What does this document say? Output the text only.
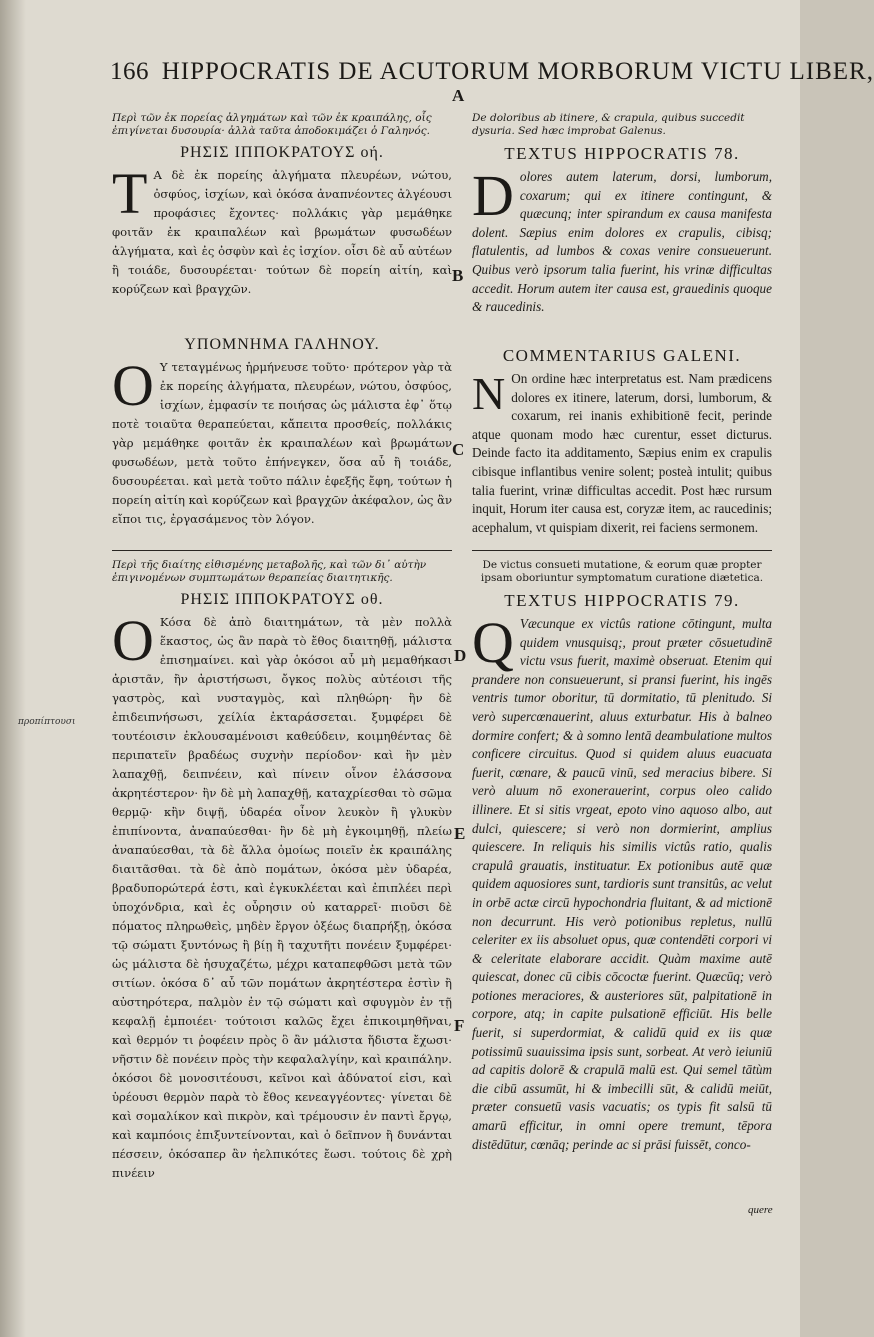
166 HIPPOCRATIS DE ACUTORUM MORBORUM VICTU LIBER,
A
B
C
D
E
F
προπίπτουσι

Περὶ τῶν ἐκ πορείας ἀλγημάτων καὶ τῶν ἐκ κραιπάλης, οἷς ἐπιγίνεται δυσουρία· ἀλλὰ ταῦτα ἀποδοκιμάζει ὁ Γαληνός.

ΡΗΣΙΣ ΙΠΠΟΚΡΑΤΟΥΣ οή.
Τ Α δὲ ἐκ πορείης ἀλγήματα πλευρέων, νώτου, ὀσφύος, ἰσχίων, καὶ ὁκόσα ἀναπνέοντες ἀλγέουσι προφάσιες ἔχοντες· πολλάκις γὰρ μεμάθηκε φοιτᾶν ἐκ κραιπαλέων καὶ βρωμάτων φυσωδέων ἀλγήματα, καὶ ἐς ὀσφὺν καὶ ἐς ἰσχίον. οἷσι δὲ αὖ αὐτέων ἢ τοιάδε, δυσουρέεται· τούτων δὲ πορείη αἰτίη, καὶ κορύζεων καὶ βραγχῶν.

ΥΠΟΜΝΗΜΑ ΓΑΛΗΝΟΥ.
Ο Υ τεταγμένως ἡρμήνευσε τοῦτο· πρότερον γὰρ τὰ ἐκ πορείης ἀλγήματα, πλευρέων, νώτου, ὀσφύος, ἰσχίων, ἐμφασίν τε ποιήσας ὡς μάλιστα ἐφ᾽ ὅτῳ ποτὲ τοιαῦτα θεραπεύεται, κἄπειτα προσθείς, πολλάκις γὰρ μεμάθηκε φοιτᾶν ἐκ κραιπαλέων καὶ βρωμάτων φυσωδέων, μετὰ τοῦτο ἐπήνεγκεν, ὅσα αὖ ἢ τοιάδε, δυσουρέεται. καὶ μετὰ τοῦτο πάλιν ἐφεξῆς ἔφη, τούτων ἡ πορείη αἰτίη καὶ κορύζεων καὶ βραγχῶν ἀκέφαλον, ὡς ἂν εἴποι τις, ἐργασάμενος τὸν λόγον.

Περὶ τῆς διαίτης εἰθισμένης μεταβολῆς, καὶ τῶν δι᾽ αὐτὴν ἐπιγινομένων συμπτωμάτων θεραπείας διαιτητικῆς.

ΡΗΣΙΣ ΙΠΠΟΚΡΑΤΟΥΣ οθ.
Ο Κόσα δὲ ἀπὸ διαιτημάτων, τὰ μὲν πολλὰ ἕκαστος, ὡς ἂν παρὰ τὸ ἔθος διαιτηθῇ, μάλιστα ἐπισημαίνει. καὶ γὰρ ὁκόσοι αὖ μὴ μεμαθήκασι ἀριστᾶν, ἢν ἀριστήσωσι, ὄγκος πολὺς αὐτέοισι τῆς γαστρὸς, καὶ νυσταγμὸς, καὶ πληθώρη· ἢν δὲ ἐπιδειπνήσωσι, χείλία ἐκταράσσεται. ξυμφέρει δὲ τουτέοισιν ἐκλουσαμένοισι καθεύδειν, κοιμηθέντας δὲ περιπατεῖν βραδέως συχνὴν περίοδον· καὶ ἢν μὲν λαπαχθῇ, δειπνέειν, καὶ πίνειν οἶνον ἐλάσσονα ἀκρητέστερον· ἢν δὲ μὴ λαπαχθῇ, καταχρίεσθαι τὸ σῶμα θερμῷ· κἢν διψῇ, ὑδαρέα οἶνον λευκὸν ἢ γλυκὺν ἐπιπίνοντα, ἀναπαύεσθαι· ἢν δὲ μὴ ἐγκοιμηθῇ, πλείω ἀναπαύεσθαι, τὰ δὲ ἄλλα ὁμοίως ποιεῖν ἐκ κραιπάλης διαιτᾶσθαι. τὰ δὲ ἀπὸ πομάτων, ὁκόσα μὲν ὑδαρέα, βραδυπορώτερά ἐστι, καὶ ἐγκυκλέεται καὶ ἐπιπλέει περὶ ὑποχόνδρια, καὶ ἐς οὖρησιν οὐ καταρρεῖ· πιοῦσι δὲ πόματος πληρωθεὶς, μηδὲν ἔργον ὀξέως διαπρήξῃ, ὁκόσα τῷ σώματι ξυντόνως ἢ βίῃ ἢ ταχυτῆτι πονέειν ξυμφέρει· ὡς μάλιστα δὲ ἡσυχαζέτω, μέχρι καταπεφθῶσι μετὰ τῶν σιτίων. ὁκόσα δ᾽ αὖ τῶν πομάτων ἀκρητέστερα ἐστὶν ἢ αὐστηρότερα, παλμὸν ἐν τῷ σώματι καὶ σφυγμὸν ἐν τῇ κεφαλῇ ἐμποιέει· τούτοισι καλῶς ἔχει ἐπικοιμηθῆναι, καὶ θερμόν τι ῥοφέειν πρὸς ὃ ἂν μάλιστα ἥδιστα ἔχωσι· νῆστιν δὲ πονέειν πρὸς τὴν κεφαλαλγίην, καὶ κραιπάλην. ὁκόσοι δὲ μονοσιτέουσι, κεῖνοι καὶ ἀδύνατοί εἰσι, καὶ ὑρέουσι θερμὸν παρὰ τὸ ἔθος κενεαγγέοντες· γίνεται δὲ καὶ σομαλίκον καὶ πικρὸν, καὶ τρέμουσιν ἐν παντὶ ἔργῳ, καὶ καμπόοις ἐπιξυντείνονται, καὶ ὁ δεῖπνον ἢ δυνάνται πέσσειν, ὁκόσαπερ ἂν ἠελπικότες ἔωσι. τούτοις δὲ χρὴ πινέειν

De doloribus ab itinere, & crapula, quibus succedit dysuria. Sed hæc improbat Galenus.

TEXTUS HIPPOCRATIS 78.
D olores autem laterum, dorsi, lumborum, coxarum; qui ex itinere contingunt, & quæcunq; inter spirandum ex causa manifesta dolent. Sæpius enim dolores ex crapulis, cibisq; flatulentis, ad lumbos & coxas venire consueuerunt. Quibus verò ipsorum talia fuerint, his vrinæ difficultas accedit. Horum autem iter causa est, grauedinis quoque & raucedinis.

COMMENTARIUS GALENI.
N On ordine hæc interpretatus est. Nam prædicens dolores ex itinere, laterum, dorsi, lumborum, & coxarum, rei inanis exhibitionē fecit, perinde atque quonam modo hæc curentur, esset dicturus. Deinde facto ita additamento, Sæpius enim ex crapulis cibisque inflantibus venire solent; posteà intulit; quibus talia fuerint, vrinæ difficultas accedit. Post hæc rursum inquit, Horum iter causa est, coryzæ item, ac raucedinis; acephalum, vt quispiam dixerit, rei faciens sermonem.

De victus consueti mutatione, & eorum quæ propter ipsam oboriuntur symptomatum curatione diætetica.

TEXTUS HIPPOCRATIS 79.
Q Væcunque ex victûs ratione cōtingunt, multa quidem vnusquisq;, prout præter cōsuetudinē victu vsus fuerit, maximè obseruat. Etenim qui prandere non consueuerunt, si pransi fuerint, his ingēs ventris tumor oboritur, tū dormitatio, tū plenitudo. Si verò supercœnauerint, aluus exturbatur. His à balneo dormire confert; & à somno lentā deambulatione multos conficere circuitus. Quod si quidem aluus euacuata fuerit, cœnare, & paucū vinū, sed meracius bibere. Si verò aluum nō exonerauerint, corpus oleo calido illinere. Et si sitis vrgeat, epoto vino aquoso albo, aut dulci, quiescere; si verò non dormierint, amplius quiescere. In reliquis his similis victûs ratio, qualis crapulâ grauatis, instituatur. Ex potionibus autē quæ quidem aquosiores sunt, tardioris sunt transitûs, ac velut in orbē actæ circū hypochondria fluitant, & ad mictionē non decurrunt. His verò potionibus repletus, nullū celeriter ex iis absoluet opus, quæ contendēti corpori vi & celeritate elaborare accidit. Quàm maxime autē quiescat, donec cū cibis cōcoctæ fuerint. Quæcūq; verò potiones meraciores, & austeriores sūt, palpitationē in corpore, atq; in capite pulsationē efficiūt. His belle fuerit, si superdormiat, & calidū quid ex iis quæ potissimū suauissima ipsis sunt, sorbeat. At verò ieiuniū ad capitis dolorē & crapulā malū est. Qui semel tātùm die cibū assumūt, hi & imbecilli sūt, & calidū meiūt, præter consuetū vasis vacuatis; os typis fit salsū tū amarū efficitur, in omni opere tremunt, tēpora distēdūtur, cœnāq; perinde ac si prāsi fuissēt, conco-

quere
